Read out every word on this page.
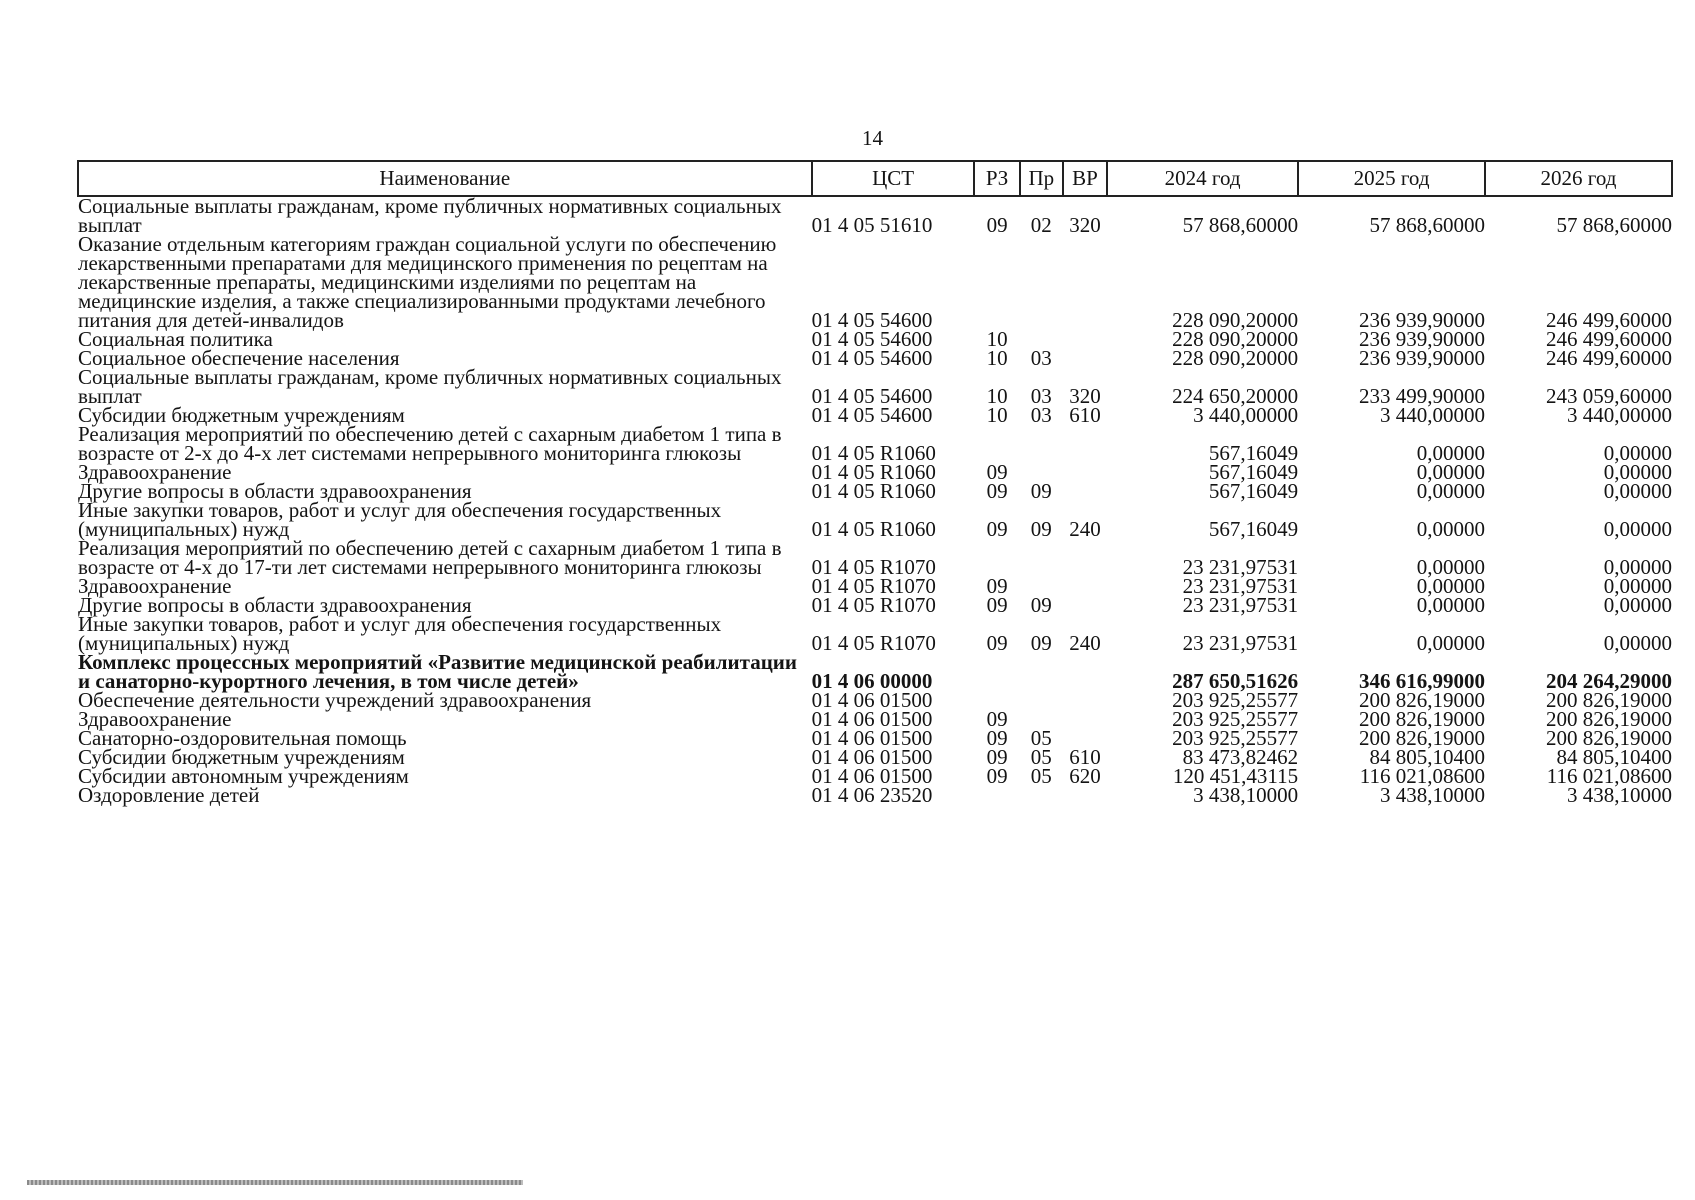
14
Наименование	ЦСТ	РЗ	Пр	ВР	2024 год	2025 год	2026 год
Социальные выплаты гражданам, кроме публичных нормативных социальных выплат	01 4 05 51610	09	02	320	57 868,60000	57 868,60000	57 868,60000
Оказание отдельным категориям граждан социальной услуги по обеспечению лекарственными препаратами для медицинского применения по рецептам на лекарственные препараты, медицинскими изделиями по рецептам на медицинские изделия, а также специализированными продуктами лечебного питания для детей-инвалидов	01 4 05 54600				228 090,20000	236 939,90000	246 499,60000
Социальная политика	01 4 05 54600	10			228 090,20000	236 939,90000	246 499,60000
Социальное обеспечение населения	01 4 05 54600	10	03		228 090,20000	236 939,90000	246 499,60000
Социальные выплаты гражданам, кроме публичных нормативных социальных выплат	01 4 05 54600	10	03	320	224 650,20000	233 499,90000	243 059,60000
Субсидии бюджетным учреждениям	01 4 05 54600	10	03	610	3 440,00000	3 440,00000	3 440,00000
Реализация мероприятий по обеспечению детей с сахарным диабетом 1 типа в возрасте от 2-х до 4-х лет системами непрерывного мониторинга глюкозы	01 4 05 R1060				567,16049	0,00000	0,00000
Здравоохранение	01 4 05 R1060	09			567,16049	0,00000	0,00000
Другие вопросы в области здравоохранения	01 4 05 R1060	09	09		567,16049	0,00000	0,00000
Иные закупки товаров, работ и услуг для обеспечения государственных (муниципальных) нужд	01 4 05 R1060	09	09	240	567,16049	0,00000	0,00000
Реализация мероприятий по обеспечению детей с сахарным диабетом 1 типа в возрасте от 4-х до 17-ти лет системами непрерывного мониторинга глюкозы	01 4 05 R1070				23 231,97531	0,00000	0,00000
Здравоохранение	01 4 05 R1070	09			23 231,97531	0,00000	0,00000
Другие вопросы в области здравоохранения	01 4 05 R1070	09	09		23 231,97531	0,00000	0,00000
Иные закупки товаров, работ и услуг для обеспечения государственных (муниципальных) нужд	01 4 05 R1070	09	09	240	23 231,97531	0,00000	0,00000
Комплекс процессных мероприятий «Развитие медицинской реабилитации и санаторно-курортного лечения, в том числе детей»	01 4 06 00000				287 650,51626	346 616,99000	204 264,29000
Обеспечение деятельности учреждений здравоохранения	01 4 06 01500				203 925,25577	200 826,19000	200 826,19000
Здравоохранение	01 4 06 01500	09			203 925,25577	200 826,19000	200 826,19000
Санаторно-оздоровительная помощь	01 4 06 01500	09	05		203 925,25577	200 826,19000	200 826,19000
Субсидии бюджетным учреждениям	01 4 06 01500	09	05	610	83 473,82462	84 805,10400	84 805,10400
Субсидии автономным учреждениям	01 4 06 01500	09	05	620	120 451,43115	116 021,08600	116 021,08600
Оздоровление детей	01 4 06 23520				3 438,10000	3 438,10000	3 438,10000
